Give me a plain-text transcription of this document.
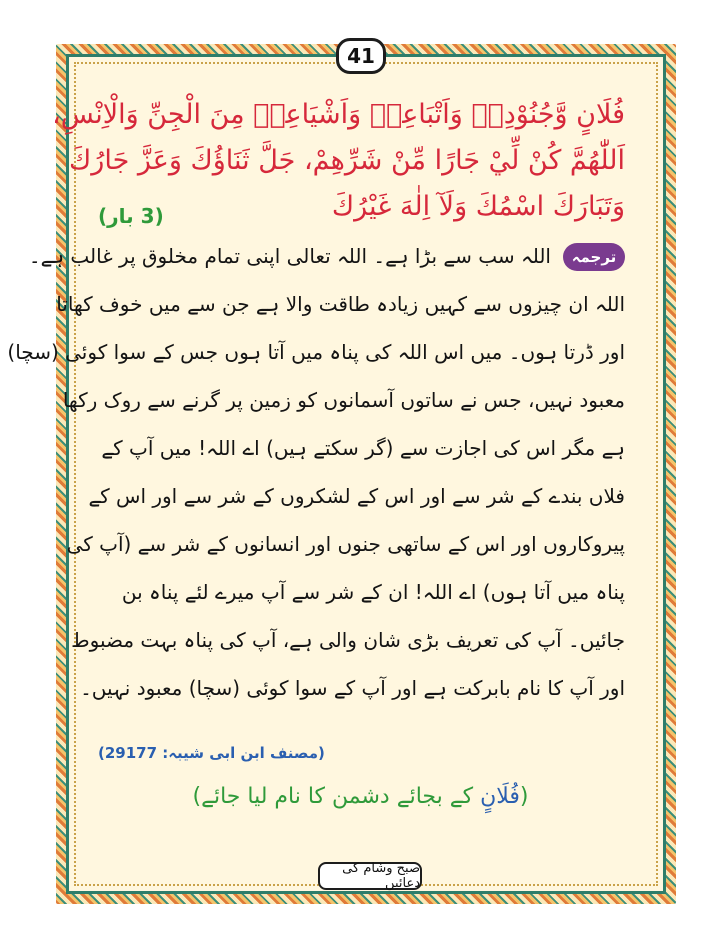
41
فُلَانٍ وَّجُنُوْدِهٖ وَاَتْبَاعِهٖ وَاَشْيَاعِهٖ مِنَ الْجِنِّ وَالْاِنْسِ،
اَللّٰهُمَّ كُنْ لِّيْ جَارًا مِّنْ شَرِّهِمْ، جَلَّ ثَنَاؤُكَ وَعَزَّ جَارُكَ
وَتَبَارَكَ اسْمُكَ وَلَآ اِلٰهَ غَيْرُكَ
(3 بار)
ترجمہ
اللہ سب سے بڑا ہے۔ اللہ تعالی اپنی تمام مخلوق پر غالب ہے۔
اللہ ان چیزوں سے کہیں زیادہ طاقت والا ہے جن سے میں خوف کھاتا
اور ڈرتا ہوں۔ میں اس اللہ کی پناہ میں آتا ہوں جس کے سوا کوئی (سچا)
معبود نہیں، جس نے ساتوں آسمانوں کو زمین پر گرنے سے روک رکھا
ہے مگر اس کی اجازت سے (گر سکتے ہیں) اے اللہ! میں آپ کے
فلاں بندے کے شر سے اور اس کے لشکروں کے شر سے اور اس کے
پیروکاروں اور اس کے ساتھی جنوں اور انسانوں کے شر سے (آپ کی
پناہ میں آتا ہوں) اے اللہ! ان کے شر سے آپ میرے لئے پناہ بن
جائیں۔ آپ کی تعریف بڑی شان والی ہے، آپ کی پناہ بہت مضبوط
اور آپ کا نام بابرکت ہے اور آپ کے سوا کوئی (سچا) معبود نہیں۔
(مصنف ابن ابی شیبہ: 29177)
(فُلَانٍ کے بجائے دشمن کا نام لیا جائے)
صبح وشام کی دعائیں
